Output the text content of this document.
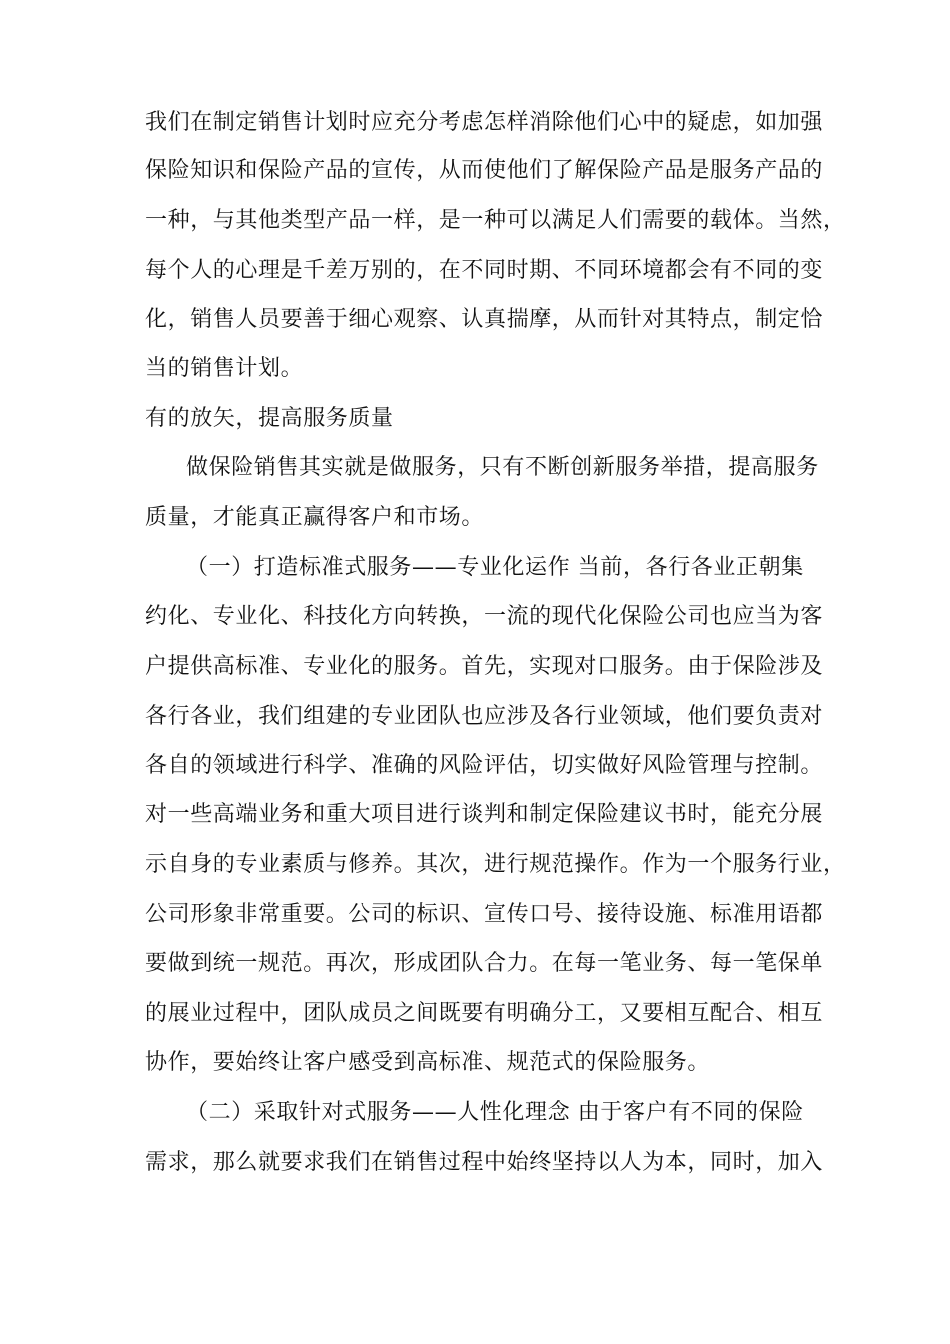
我们在制定销售计划时应充分考虑怎样消除他们心中的疑虑，如加强
保险知识和保险产品的宣传，从而使他们了解保险产品是服务产品的
一种，与其他类型产品一样，是一种可以满足人们需要的载体。当然，
每个人的心理是千差万别的，在不同时期、不同环境都会有不同的变
化，销售人员要善于细心观察、认真揣摩，从而针对其特点，制定恰
当的销售计划。
有的放矢，提高服务质量
做保险销售其实就是做服务，只有不断创新服务举措，提高服务
质量，才能真正赢得客户和市场。
（一）打造标准式服务——专业化运作 当前，各行各业正朝集
约化、专业化、科技化方向转换，一流的现代化保险公司也应当为客
户提供高标准、专业化的服务。首先，实现对口服务。由于保险涉及
各行各业，我们组建的专业团队也应涉及各行业领域，他们要负责对
各自的领域进行科学、准确的风险评估，切实做好风险管理与控制。
对一些高端业务和重大项目进行谈判和制定保险建议书时，能充分展
示自身的专业素质与修养。其次，进行规范操作。作为一个服务行业，
公司形象非常重要。公司的标识、宣传口号、接待设施、标准用语都
要做到统一规范。再次，形成团队合力。在每一笔业务、每一笔保单
的展业过程中，团队成员之间既要有明确分工，又要相互配合、相互
协作，要始终让客户感受到高标准、规范式的保险服务。
（二）采取针对式服务——人性化理念 由于客户有不同的保险
需求，那么就要求我们在销售过程中始终坚持以人为本，同时，加入
